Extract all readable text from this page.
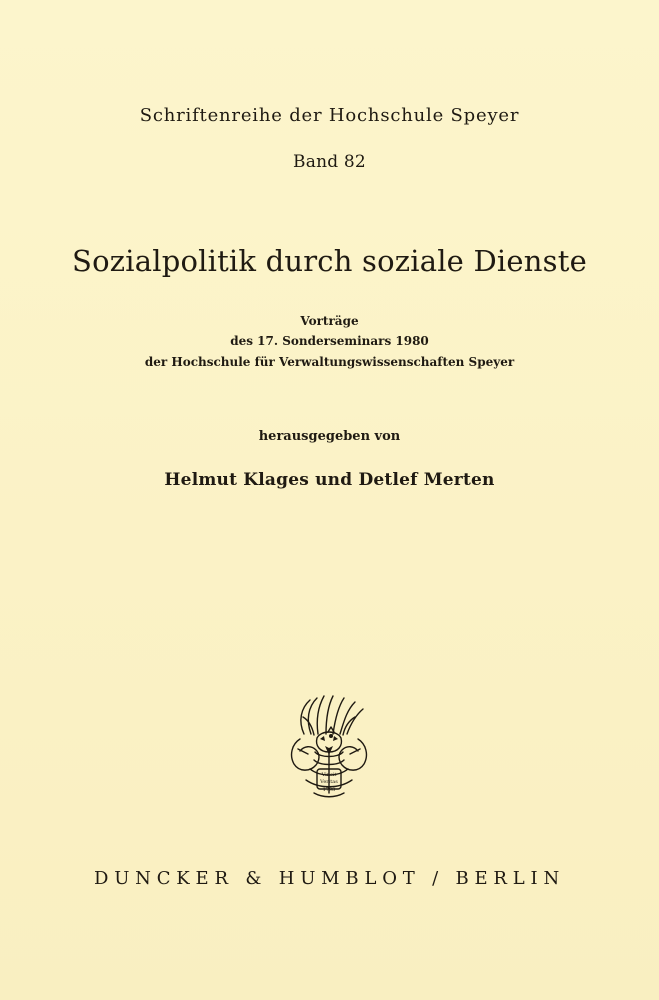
Schriftenreihe der Hochschule Speyer
Band 82
Sozialpolitik durch soziale Dienste
Vorträge
des 17. Sonderseminars 1980
der Hochschule für Verwaltungswissenschaften Speyer
herausgegeben von
Helmut Klages und Detlef Merten
Vincit
Veritas
1798
DUNCKER & HUMBLOT / BERLIN
